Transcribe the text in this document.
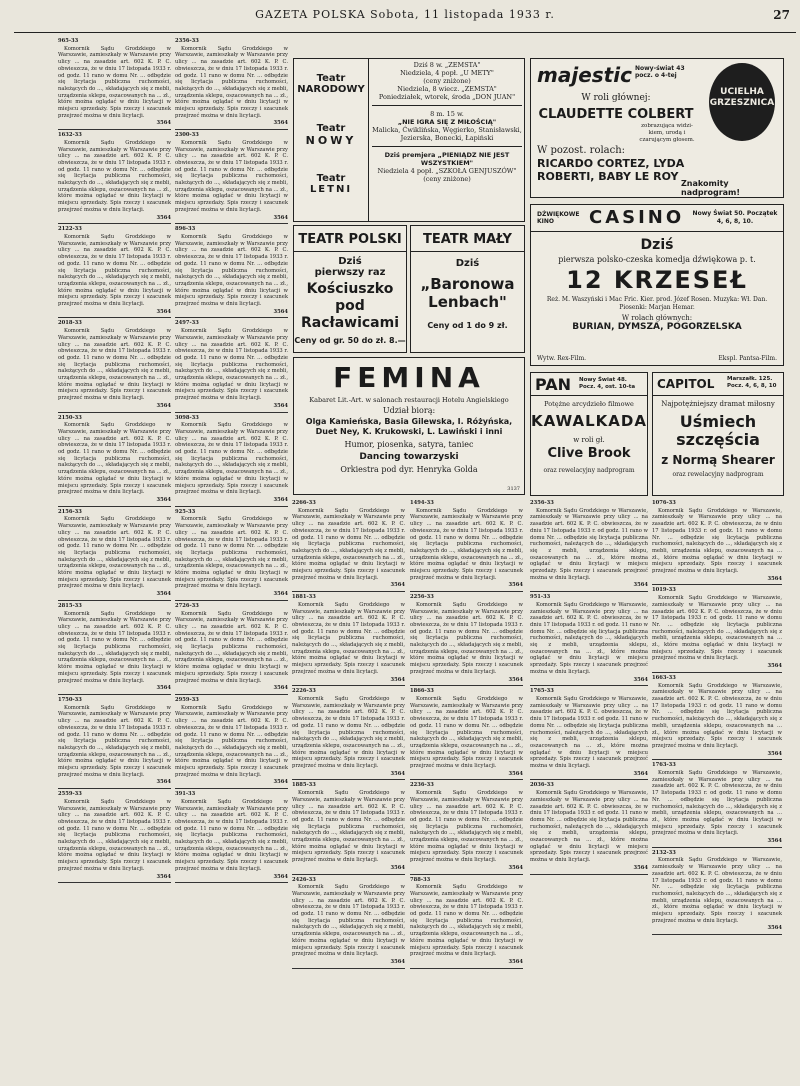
GAZETA POLSKA Sobota, 11 listopada 1933 r.	27

965-33

Komornik Sądu Grodzkiego w Warszawie, zamieszkały w Warszawie przy ulicy ... na zasadzie art. 602 K. P. C. obwieszcza, że w dniu 17 listopada 1933 r. od godz. 11 rano w domu Nr. ... odbędzie się licytacja publiczna ruchomości, należących do ..., składających się z mebli, urządzenia sklepu, oszacowanych na ... zł., które można oglądać w dniu licytacji w miejscu sprzedaży. Spis rzeczy i szacunek przejrzeć można w dniu licytacji.

3564

1632-33

Komornik Sądu Grodzkiego w Warszawie, zamieszkały w Warszawie przy ulicy ... na zasadzie art. 602 K. P. C. obwieszcza, że w dniu 17 listopada 1933 r. od godz. 11 rano w domu Nr. ... odbędzie się licytacja publiczna ruchomości, należących do ..., składających się z mebli, urządzenia sklepu, oszacowanych na ... zł., które można oglądać w dniu licytacji w miejscu sprzedaży. Spis rzeczy i szacunek przejrzeć można w dniu licytacji.

3564

2122-33

Komornik Sądu Grodzkiego w Warszawie, zamieszkały w Warszawie przy ulicy ... na zasadzie art. 602 K. P. C. obwieszcza, że w dniu 17 listopada 1933 r. od godz. 11 rano w domu Nr. ... odbędzie się licytacja publiczna ruchomości, należących do ..., składających się z mebli, urządzenia sklepu, oszacowanych na ... zł., które można oglądać w dniu licytacji w miejscu sprzedaży. Spis rzeczy i szacunek przejrzeć można w dniu licytacji.

3564

2018-33

Komornik Sądu Grodzkiego w Warszawie, zamieszkały w Warszawie przy ulicy ... na zasadzie art. 602 K. P. C. obwieszcza, że w dniu 17 listopada 1933 r. od godz. 11 rano w domu Nr. ... odbędzie się licytacja publiczna ruchomości, należących do ..., składających się z mebli, urządzenia sklepu, oszacowanych na ... zł., które można oglądać w dniu licytacji w miejscu sprzedaży. Spis rzeczy i szacunek przejrzeć można w dniu licytacji.

3564

2150-33

Komornik Sądu Grodzkiego w Warszawie, zamieszkały w Warszawie przy ulicy ... na zasadzie art. 602 K. P. C. obwieszcza, że w dniu 17 listopada 1933 r. od godz. 11 rano w domu Nr. ... odbędzie się licytacja publiczna ruchomości, należących do ..., składających się z mebli, urządzenia sklepu, oszacowanych na ... zł., które można oglądać w dniu licytacji w miejscu sprzedaży. Spis rzeczy i szacunek przejrzeć można w dniu licytacji.

3564

2156-33

Komornik Sądu Grodzkiego w Warszawie, zamieszkały w Warszawie przy ulicy ... na zasadzie art. 602 K. P. C. obwieszcza, że w dniu 17 listopada 1933 r. od godz. 11 rano w domu Nr. ... odbędzie się licytacja publiczna ruchomości, należących do ..., składających się z mebli, urządzenia sklepu, oszacowanych na ... zł., które można oglądać w dniu licytacji w miejscu sprzedaży. Spis rzeczy i szacunek przejrzeć można w dniu licytacji.

3564

2815-33

Komornik Sądu Grodzkiego w Warszawie, zamieszkały w Warszawie przy ulicy ... na zasadzie art. 602 K. P. C. obwieszcza, że w dniu 17 listopada 1933 r. od godz. 11 rano w domu Nr. ... odbędzie się licytacja publiczna ruchomości, należących do ..., składających się z mebli, urządzenia sklepu, oszacowanych na ... zł., które można oglądać w dniu licytacji w miejscu sprzedaży. Spis rzeczy i szacunek przejrzeć można w dniu licytacji.

3564

1750-33

Komornik Sądu Grodzkiego w Warszawie, zamieszkały w Warszawie przy ulicy ... na zasadzie art. 602 K. P. C. obwieszcza, że w dniu 17 listopada 1933 r. od godz. 11 rano w domu Nr. ... odbędzie się licytacja publiczna ruchomości, należących do ..., składających się z mebli, urządzenia sklepu, oszacowanych na ... zł., które można oglądać w dniu licytacji w miejscu sprzedaży. Spis rzeczy i szacunek przejrzeć można w dniu licytacji.

3564

2559-33

Komornik Sądu Grodzkiego w Warszawie, zamieszkały w Warszawie przy ulicy ... na zasadzie art. 602 K. P. C. obwieszcza, że w dniu 17 listopada 1933 r. od godz. 11 rano w domu Nr. ... odbędzie się licytacja publiczna ruchomości, należących do ..., składających się z mebli, urządzenia sklepu, oszacowanych na ... zł., które można oglądać w dniu licytacji w miejscu sprzedaży. Spis rzeczy i szacunek przejrzeć można w dniu licytacji.

3564

2356-33

Komornik Sądu Grodzkiego w Warszawie, zamieszkały w Warszawie przy ulicy ... na zasadzie art. 602 K. P. C. obwieszcza, że w dniu 17 listopada 1933 r. od godz. 11 rano w domu Nr. ... odbędzie się licytacja publiczna ruchomości, należących do ..., składających się z mebli, urządzenia sklepu, oszacowanych na ... zł., które można oglądać w dniu licytacji w miejscu sprzedaży. Spis rzeczy i szacunek przejrzeć można w dniu licytacji.

3564

2300-33

Komornik Sądu Grodzkiego w Warszawie, zamieszkały w Warszawie przy ulicy ... na zasadzie art. 602 K. P. C. obwieszcza, że w dniu 17 listopada 1933 r. od godz. 11 rano w domu Nr. ... odbędzie się licytacja publiczna ruchomości, należących do ..., składających się z mebli, urządzenia sklepu, oszacowanych na ... zł., które można oglądać w dniu licytacji w miejscu sprzedaży. Spis rzeczy i szacunek przejrzeć można w dniu licytacji.

3564

896-33

Komornik Sądu Grodzkiego w Warszawie, zamieszkały w Warszawie przy ulicy ... na zasadzie art. 602 K. P. C. obwieszcza, że w dniu 17 listopada 1933 r. od godz. 11 rano w domu Nr. ... odbędzie się licytacja publiczna ruchomości, należących do ..., składających się z mebli, urządzenia sklepu, oszacowanych na ... zł., które można oglądać w dniu licytacji w miejscu sprzedaży. Spis rzeczy i szacunek przejrzeć można w dniu licytacji.

3564

2497-33

Komornik Sądu Grodzkiego w Warszawie, zamieszkały w Warszawie przy ulicy ... na zasadzie art. 602 K. P. C. obwieszcza, że w dniu 17 listopada 1933 r. od godz. 11 rano w domu Nr. ... odbędzie się licytacja publiczna ruchomości, należących do ..., składających się z mebli, urządzenia sklepu, oszacowanych na ... zł., które można oglądać w dniu licytacji w miejscu sprzedaży. Spis rzeczy i szacunek przejrzeć można w dniu licytacji.

3564

3098-33

Komornik Sądu Grodzkiego w Warszawie, zamieszkały w Warszawie przy ulicy ... na zasadzie art. 602 K. P. C. obwieszcza, że w dniu 17 listopada 1933 r. od godz. 11 rano w domu Nr. ... odbędzie się licytacja publiczna ruchomości, należących do ..., składających się z mebli, urządzenia sklepu, oszacowanych na ... zł., które można oglądać w dniu licytacji w miejscu sprzedaży. Spis rzeczy i szacunek przejrzeć można w dniu licytacji.

3564

925-33

Komornik Sądu Grodzkiego w Warszawie, zamieszkały w Warszawie przy ulicy ... na zasadzie art. 602 K. P. C. obwieszcza, że w dniu 17 listopada 1933 r. od godz. 11 rano w domu Nr. ... odbędzie się licytacja publiczna ruchomości, należących do ..., składających się z mebli, urządzenia sklepu, oszacowanych na ... zł., które można oglądać w dniu licytacji w miejscu sprzedaży. Spis rzeczy i szacunek przejrzeć można w dniu licytacji.

3564

2726-33

Komornik Sądu Grodzkiego w Warszawie, zamieszkały w Warszawie przy ulicy ... na zasadzie art. 602 K. P. C. obwieszcza, że w dniu 17 listopada 1933 r. od godz. 11 rano w domu Nr. ... odbędzie się licytacja publiczna ruchomości, należących do ..., składających się z mebli, urządzenia sklepu, oszacowanych na ... zł., które można oglądać w dniu licytacji w miejscu sprzedaży. Spis rzeczy i szacunek przejrzeć można w dniu licytacji.

3564

2959-33

Komornik Sądu Grodzkiego w Warszawie, zamieszkały w Warszawie przy ulicy ... na zasadzie art. 602 K. P. C. obwieszcza, że w dniu 17 listopada 1933 r. od godz. 11 rano w domu Nr. ... odbędzie się licytacja publiczna ruchomości, należących do ..., składających się z mebli, urządzenia sklepu, oszacowanych na ... zł., które można oglądać w dniu licytacji w miejscu sprzedaży. Spis rzeczy i szacunek przejrzeć można w dniu licytacji.

3564

391-33

Komornik Sądu Grodzkiego w Warszawie, zamieszkały w Warszawie przy ulicy ... na zasadzie art. 602 K. P. C. obwieszcza, że w dniu 17 listopada 1933 r. od godz. 11 rano w domu Nr. ... odbędzie się licytacja publiczna ruchomości, należących do ..., składających się z mebli, urządzenia sklepu, oszacowanych na ... zł., które można oglądać w dniu licytacji w miejscu sprzedaży. Spis rzeczy i szacunek przejrzeć można w dniu licytacji.

3564

2266-33

Komornik Sądu Grodzkiego w Warszawie, zamieszkały w Warszawie przy ulicy ... na zasadzie art. 602 K. P. C. obwieszcza, że w dniu 17 listopada 1933 r. od godz. 11 rano w domu Nr. ... odbędzie się licytacja publiczna ruchomości, należących do ..., składających się z mebli, urządzenia sklepu, oszacowanych na ... zł., które można oglądać w dniu licytacji w miejscu sprzedaży. Spis rzeczy i szacunek przejrzeć można w dniu licytacji.

3564

1881-33

Komornik Sądu Grodzkiego w Warszawie, zamieszkały w Warszawie przy ulicy ... na zasadzie art. 602 K. P. C. obwieszcza, że w dniu 17 listopada 1933 r. od godz. 11 rano w domu Nr. ... odbędzie się licytacja publiczna ruchomości, należących do ..., składających się z mebli, urządzenia sklepu, oszacowanych na ... zł., które można oglądać w dniu licytacji w miejscu sprzedaży. Spis rzeczy i szacunek przejrzeć można w dniu licytacji.

3564

2226-33

Komornik Sądu Grodzkiego w Warszawie, zamieszkały w Warszawie przy ulicy ... na zasadzie art. 602 K. P. C. obwieszcza, że w dniu 17 listopada 1933 r. od godz. 11 rano w domu Nr. ... odbędzie się licytacja publiczna ruchomości, należących do ..., składających się z mebli, urządzenia sklepu, oszacowanych na ... zł., które można oglądać w dniu licytacji w miejscu sprzedaży. Spis rzeczy i szacunek przejrzeć można w dniu licytacji.

3564

1885-33

Komornik Sądu Grodzkiego w Warszawie, zamieszkały w Warszawie przy ulicy ... na zasadzie art. 602 K. P. C. obwieszcza, że w dniu 17 listopada 1933 r. od godz. 11 rano w domu Nr. ... odbędzie się licytacja publiczna ruchomości, należących do ..., składających się z mebli, urządzenia sklepu, oszacowanych na ... zł., które można oglądać w dniu licytacji w miejscu sprzedaży. Spis rzeczy i szacunek przejrzeć można w dniu licytacji.

3564

2426-33

Komornik Sądu Grodzkiego w Warszawie, zamieszkały w Warszawie przy ulicy ... na zasadzie art. 602 K. P. C. obwieszcza, że w dniu 17 listopada 1933 r. od godz. 11 rano w domu Nr. ... odbędzie się licytacja publiczna ruchomości, należących do ..., składających się z mebli, urządzenia sklepu, oszacowanych na ... zł., które można oglądać w dniu licytacji w miejscu sprzedaży. Spis rzeczy i szacunek przejrzeć można w dniu licytacji.

3564

1494-33

Komornik Sądu Grodzkiego w Warszawie, zamieszkały w Warszawie przy ulicy ... na zasadzie art. 602 K. P. C. obwieszcza, że w dniu 17 listopada 1933 r. od godz. 11 rano w domu Nr. ... odbędzie się licytacja publiczna ruchomości, należących do ..., składających się z mebli, urządzenia sklepu, oszacowanych na ... zł., które można oglądać w dniu licytacji w miejscu sprzedaży. Spis rzeczy i szacunek przejrzeć można w dniu licytacji.

3564

2256-33

Komornik Sądu Grodzkiego w Warszawie, zamieszkały w Warszawie przy ulicy ... na zasadzie art. 602 K. P. C. obwieszcza, że w dniu 17 listopada 1933 r. od godz. 11 rano w domu Nr. ... odbędzie się licytacja publiczna ruchomości, należących do ..., składających się z mebli, urządzenia sklepu, oszacowanych na ... zł., które można oglądać w dniu licytacji w miejscu sprzedaży. Spis rzeczy i szacunek przejrzeć można w dniu licytacji.

3564

1866-33

Komornik Sądu Grodzkiego w Warszawie, zamieszkały w Warszawie przy ulicy ... na zasadzie art. 602 K. P. C. obwieszcza, że w dniu 17 listopada 1933 r. od godz. 11 rano w domu Nr. ... odbędzie się licytacja publiczna ruchomości, należących do ..., składających się z mebli, urządzenia sklepu, oszacowanych na ... zł., które można oglądać w dniu licytacji w miejscu sprzedaży. Spis rzeczy i szacunek przejrzeć można w dniu licytacji.

3564

2236-33

Komornik Sądu Grodzkiego w Warszawie, zamieszkały w Warszawie przy ulicy ... na zasadzie art. 602 K. P. C. obwieszcza, że w dniu 17 listopada 1933 r. od godz. 11 rano w domu Nr. ... odbędzie się licytacja publiczna ruchomości, należących do ..., składających się z mebli, urządzenia sklepu, oszacowanych na ... zł., które można oglądać w dniu licytacji w miejscu sprzedaży. Spis rzeczy i szacunek przejrzeć można w dniu licytacji.

3564

788-33

Komornik Sądu Grodzkiego w Warszawie, zamieszkały w Warszawie przy ulicy ... na zasadzie art. 602 K. P. C. obwieszcza, że w dniu 17 listopada 1933 r. od godz. 11 rano w domu Nr. ... odbędzie się licytacja publiczna ruchomości, należących do ..., składających się z mebli, urządzenia sklepu, oszacowanych na ... zł., które można oglądać w dniu licytacji w miejscu sprzedaży. Spis rzeczy i szacunek przejrzeć można w dniu licytacji.

3564

2356-33

Komornik Sądu Grodzkiego w Warszawie, zamieszkały w Warszawie przy ulicy ... na zasadzie art. 602 K. P. C. obwieszcza, że w dniu 17 listopada 1933 r. od godz. 11 rano w domu Nr. ... odbędzie się licytacja publiczna ruchomości, należących do ..., składających się z mebli, urządzenia sklepu, oszacowanych na ... zł., które można oglądać w dniu licytacji w miejscu sprzedaży. Spis rzeczy i szacunek przejrzeć można w dniu licytacji.

3564

951-33

Komornik Sądu Grodzkiego w Warszawie, zamieszkały w Warszawie przy ulicy ... na zasadzie art. 602 K. P. C. obwieszcza, że w dniu 17 listopada 1933 r. od godz. 11 rano w domu Nr. ... odbędzie się licytacja publiczna ruchomości, należących do ..., składających się z mebli, urządzenia sklepu, oszacowanych na ... zł., które można oglądać w dniu licytacji w miejscu sprzedaży. Spis rzeczy i szacunek przejrzeć można w dniu licytacji.

3564

1765-33

Komornik Sądu Grodzkiego w Warszawie, zamieszkały w Warszawie przy ulicy ... na zasadzie art. 602 K. P. C. obwieszcza, że w dniu 17 listopada 1933 r. od godz. 11 rano w domu Nr. ... odbędzie się licytacja publiczna ruchomości, należących do ..., składających się z mebli, urządzenia sklepu, oszacowanych na ... zł., które można oglądać w dniu licytacji w miejscu sprzedaży. Spis rzeczy i szacunek przejrzeć można w dniu licytacji.

3564

2036-33

Komornik Sądu Grodzkiego w Warszawie, zamieszkały w Warszawie przy ulicy ... na zasadzie art. 602 K. P. C. obwieszcza, że w dniu 17 listopada 1933 r. od godz. 11 rano w domu Nr. ... odbędzie się licytacja publiczna ruchomości, należących do ..., składających się z mebli, urządzenia sklepu, oszacowanych na ... zł., które można oglądać w dniu licytacji w miejscu sprzedaży. Spis rzeczy i szacunek przejrzeć można w dniu licytacji.

3564

1076-33

Komornik Sądu Grodzkiego w Warszawie, zamieszkały w Warszawie przy ulicy ... na zasadzie art. 602 K. P. C. obwieszcza, że w dniu 17 listopada 1933 r. od godz. 11 rano w domu Nr. ... odbędzie się licytacja publiczna ruchomości, należących do ..., składających się z mebli, urządzenia sklepu, oszacowanych na ... zł., które można oglądać w dniu licytacji w miejscu sprzedaży. Spis rzeczy i szacunek przejrzeć można w dniu licytacji.

3564

1019-33

Komornik Sądu Grodzkiego w Warszawie, zamieszkały w Warszawie przy ulicy ... na zasadzie art. 602 K. P. C. obwieszcza, że w dniu 17 listopada 1933 r. od godz. 11 rano w domu Nr. ... odbędzie się licytacja publiczna ruchomości, należących do ..., składających się z mebli, urządzenia sklepu, oszacowanych na ... zł., które można oglądać w dniu licytacji w miejscu sprzedaży. Spis rzeczy i szacunek przejrzeć można w dniu licytacji.

3564

1663-33

Komornik Sądu Grodzkiego w Warszawie, zamieszkały w Warszawie przy ulicy ... na zasadzie art. 602 K. P. C. obwieszcza, że w dniu 17 listopada 1933 r. od godz. 11 rano w domu Nr. ... odbędzie się licytacja publiczna ruchomości, należących do ..., składających się z mebli, urządzenia sklepu, oszacowanych na ... zł., które można oglądać w dniu licytacji w miejscu sprzedaży. Spis rzeczy i szacunek przejrzeć można w dniu licytacji.

3564

1763-33

Komornik Sądu Grodzkiego w Warszawie, zamieszkały w Warszawie przy ulicy ... na zasadzie art. 602 K. P. C. obwieszcza, że w dniu 17 listopada 1933 r. od godz. 11 rano w domu Nr. ... odbędzie się licytacja publiczna ruchomości, należących do ..., składających się z mebli, urządzenia sklepu, oszacowanych na ... zł., które można oglądać w dniu licytacji w miejscu sprzedaży. Spis rzeczy i szacunek przejrzeć można w dniu licytacji.

3564

2132-33

Komornik Sądu Grodzkiego w Warszawie, zamieszkały w Warszawie przy ulicy ... na zasadzie art. 602 K. P. C. obwieszcza, że w dniu 17 listopada 1933 r. od godz. 11 rano w domu Nr. ... odbędzie się licytacja publiczna ruchomości, należących do ..., składających się z mebli, urządzenia sklepu, oszacowanych na ... zł., które można oglądać w dniu licytacji w miejscu sprzedaży. Spis rzeczy i szacunek przejrzeć można w dniu licytacji.

3564

Teatr
NARODOWY
Teatr
NOWY
Teatr
LETNI
Dziś 8 w. „ZEMSTA"
Niedziela, 4 popł. „U METY"
(ceny zniżone)
Niedziela, 8 wiecz. „ZEMSTA"
Poniedziałek, wtorek, środa „DON JUAN"
8 m. 15 w.
„NIE IGRA SIĘ Z MIŁOŚCIĄ"
Malicka, Ćwiklińska, Węgierko, Stanisławski, Jezierska, Bonecki, Łapiński
Dziś premjera „PIENIĄDZ NIE JEST WSZYSTKIEM"
Niedziela 4 popł. „SZKOŁA GENJUSZÓW" (ceny zniżone)
TEATR POLSKI
Dziś
pierwszy raz
Kościuszko pod Racławicami
Ceny od gr. 50 do zł. 8.—
TEATR MAŁY
Dziś
„Baronowa Lenbach"
Ceny od 1 do 9 zł.
FEMINA
Kabaret Lit.-Art. w salonach restauracji Hotelu Angielskiego
Udział biorą:
Olga Kamieńska, Basia Gilewska, I. Różyńska, Duet Ney, K. Krukowski, L. Lawiński i inni
Humor, piosenka, satyra, taniec
Dancing towarzyski
Orkiestra pod dyr. Henryka Golda
3137
majestic Nowy-świat 43 pocz. o 4-tej
W roli głównej:
CLAUDETTE COLBERT
zobrazująca widzi-kiem, urodą i czarującym głosem.
UCIELHA GRZESZNICA
W pozost. rolach:
RICARDO CORTEZ, LYDA ROBERTI, BABY LE ROY
Znakomity nadprogram!
DŹWIĘKOWE KINO	CASINO Nowy Świat 50. Początek 4, 6, 8, 10.
Dziś
pierwsza polsko-czeska komedja dźwiękowa p. t.
12 KRZESEŁ
Reż. M. Waszyński i Mac Fric. Kier. prod. Józef Rosen. Muzyka: Wł. Dan. Piosenki: Marjan Hemar.
W rolach głównych:
BURIAN, DYMSZA, POGORZELSKA
Wytw. Rex-Film.	Ekspl. Pantsa-Film.
PAN Nowy Świat 48. Pocz. 4, ost. 10-ta
Potężne arcydzieło filmowe
KAWALKADA
w roli gł.
Clive Brook
oraz rewelacyjny nadprogram
CAPITOL Marszałk. 125. Pocz. 4, 6, 8, 10
Najpotężniejszy dramat miłosny
Uśmiech szczęścia
z Normą Shearer
oraz rewelacyjny nadprogram
